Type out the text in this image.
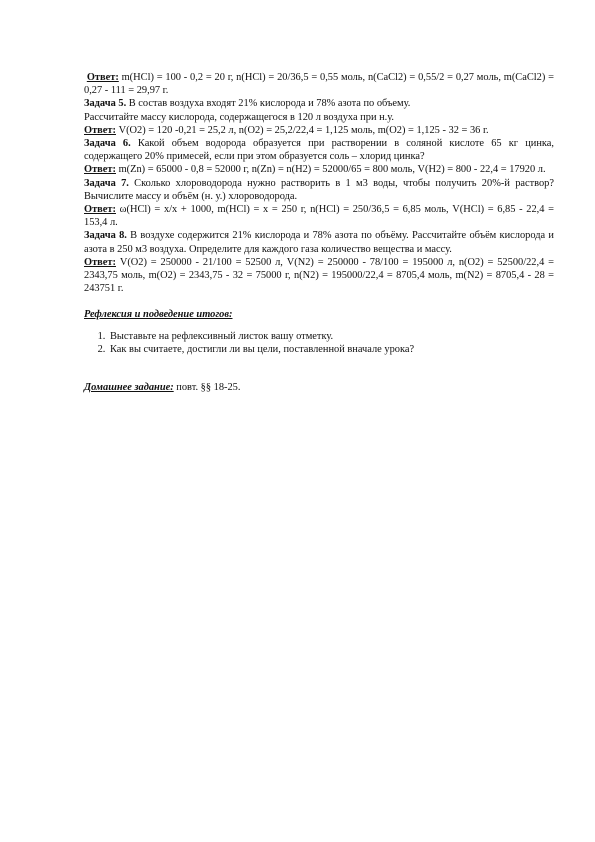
Ответ: m(HCl) = 100 - 0,2 = 20 г, n(HCl) = 20/36,5 = 0,55 моль, n(CaCl2) = 0,55/2 = 0,27 моль, m(CaCl2) = 0,27 - 111 = 29,97 г.

Задача 5. В состав воздуха входят 21% кислорода и 78% азота по объему.

Рассчитайте массу кислорода, содержащегося в 120 л воздуха при н.у.

Ответ: V(O2) = 120 -0,21 = 25,2 л, n(O2) = 25,2/22,4 = 1,125 моль, m(O2) = 1,125 - 32 = 36 г.

Задача 6. Какой объем водорода образуется при растворении в соляной кислоте 65 кг цинка, содержащего 20% примесей, если при этом образуется соль – хлорид цинка?

Ответ: m(Zn) = 65000 - 0,8 = 52000 г, n(Zn) = n(H2) = 52000/65 = 800 моль, V(H2) = 800 - 22,4 = 17920 л.

Задача 7. Сколько хлороводорода нужно растворить в 1 м3 воды, чтобы получить 20%-й раствор? Вычислите массу и объём (н. у.) хлороводорода.

Ответ: ω(HCl) = x/x + 1000, m(HCl) = x = 250 г, n(HCl) = 250/36,5 = 6,85 моль, V(HCl) = 6,85 - 22,4 = 153,4 л.

Задача 8. В воздухе содержится 21% кислорода и 78% азота по объёму. Рассчитайте объём кислорода и азота в 250 м3 воздуха. Определите для каждого газа количество вещества и массу.

Ответ: V(O2) = 250000 - 21/100 = 52500 л, V(N2) = 250000 - 78/100 = 195000 л, n(O2) = 52500/22,4 = 2343,75 моль, m(O2) = 2343,75 - 32 = 75000 г, n(N2) = 195000/22,4 = 8705,4 моль, m(N2) = 8705,4 - 28 = 243751 г.

Рефлексия и подведение итогов:

1. Выставьте на рефлексивный листок вашу отметку.
2. Как вы считаете, достигли ли вы цели, поставленной вначале урока?

Домашнее задание: повт. §§ 18-25.
